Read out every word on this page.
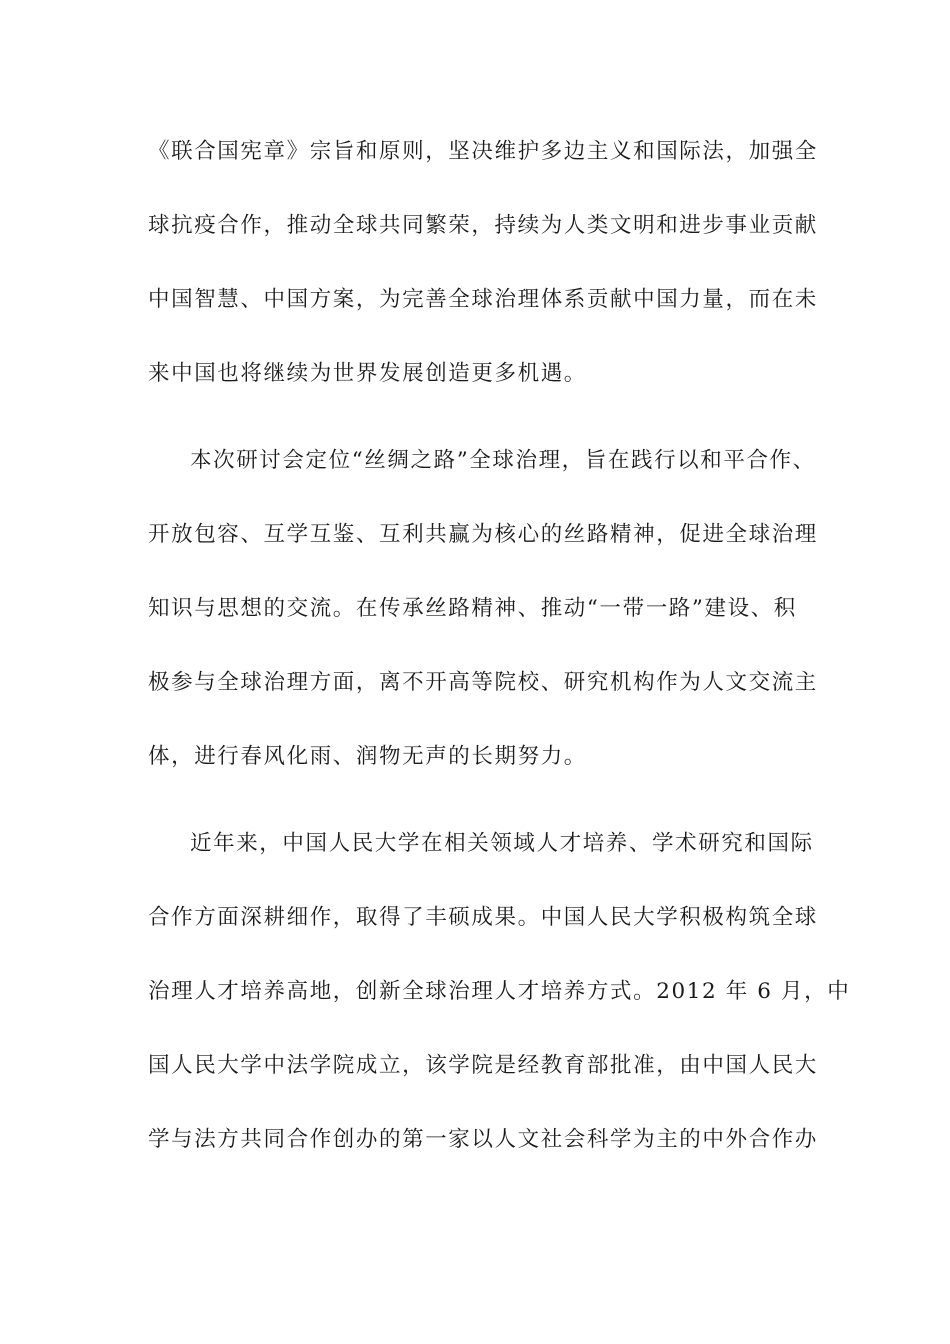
《联合国宪章》宗旨和原则，坚决维护多边主义和国际法，加强全
球抗疫合作，推动全球共同繁荣，持续为人类文明和进步事业贡献
中国智慧、中国方案，为完善全球治理体系贡献中国力量，而在未
来中国也将继续为世界发展创造更多机遇。
本次研讨会定位“丝绸之路”全球治理，旨在践行以和平合作、
开放包容、互学互鉴、互利共赢为核心的丝路精神，促进全球治理
知识与思想的交流。在传承丝路精神、推动“一带一路”建设、积
极参与全球治理方面，离不开高等院校、研究机构作为人文交流主
体，进行春风化雨、润物无声的长期努力。
近年来，中国人民大学在相关领域人才培养、学术研究和国际
合作方面深耕细作，取得了丰硕成果。中国人民大学积极构筑全球
治理人才培养高地，创新全球治理人才培养方式。2012 年 6 月，中
国人民大学中法学院成立，该学院是经教育部批准，由中国人民大
学与法方共同合作创办的第一家以人文社会科学为主的中外合作办
